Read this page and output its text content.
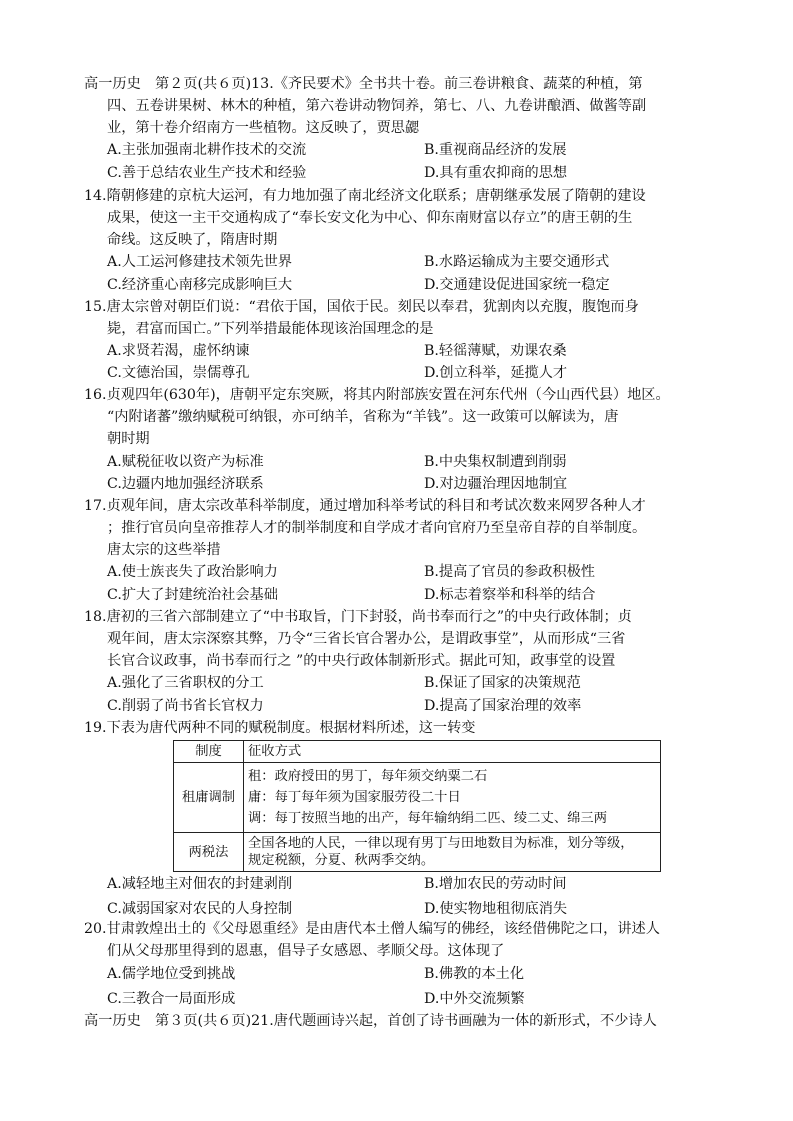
高一历史　第２页(共６页)13.《齐民要术》全书共十卷。前三卷讲粮食、蔬菜的种植，第
四、五卷讲果树、林木的种植，第六卷讲动物饲养，第七、八、九卷讲酿酒、做酱等副
业，第十卷介绍南方一些植物。这反映了，贾思勰
A.主张加强南北耕作技术的交流	B.重视商品经济的发展
C.善于总结农业生产技术和经验	D.具有重农抑商的思想
14.隋朝修建的京杭大运河，有力地加强了南北经济文化联系；唐朝继承发展了隋朝的建设
成果，使这一主干交通构成了“奉长安文化为中心、仰东南财富以存立”的唐王朝的生
命线。这反映了，隋唐时期
A.人工运河修建技术领先世界	B.水路运输成为主要交通形式
C.经济重心南移完成影响巨大	D.交通建设促进国家统一稳定
15.唐太宗曾对朝臣们说：“君依于国，国依于民。刻民以奉君，犹割肉以充腹，腹饱而身
毙，君富而国亡。”下列举措最能体现该治国理念的是
A.求贤若渴，虚怀纳谏	B.轻徭薄赋，劝课农桑
C.文德治国，崇儒尊孔	D.创立科举，延揽人才
16.贞观四年(630年)，唐朝平定东突厥，将其内附部族安置在河东代州（今山西代县）地区。
“内附诸蕃”缴纳赋税可纳银，亦可纳羊，省称为“羊钱”。这一政策可以解读为，唐
朝时期
A.赋税征收以资产为标准	B.中央集权制遭到削弱
C.边疆内地加强经济联系	D.对边疆治理因地制宜
17.贞观年间，唐太宗改革科举制度，通过增加科举考试的科目和考试次数来网罗各种人才
；推行官员向皇帝推荐人才的制举制度和自学成才者向官府乃至皇帝自荐的自举制度。
唐太宗的这些举措
A.使士族丧失了政治影响力	B.提高了官员的参政积极性
C.扩大了封建统治社会基础	D.标志着察举和科举的结合
18.唐初的三省六部制建立了“中书取旨，门下封驳，尚书奉而行之”的中央行政体制；贞
观年间，唐太宗深察其弊，乃令“三省长官合署办公，是谓政事堂”，从而形成“三省
长官合议政事，尚书奉而行之 ”的中央行政体制新形式。据此可知，政事堂的设置
A.强化了三省职权的分工	B.保证了国家的决策规范
C.削弱了尚书省长官权力	D.提高了国家治理的效率
19.下表为唐代两种不同的赋税制度。根据材料所述，这一转变
制度	征收方式
租庸调制	租：政府授田的男丁，每年须交纳粟二石
庸：每丁每年须为国家服劳役二十日
调：每丁按照当地的出产，每年输纳绢二匹、绫二丈、绵三两

两税法	全国各地的人民，一律以现有男丁与田地数目为标准，划分等级，
规定税额，分夏、秋两季交纳。
A.减轻地主对佃农的封建剥削	B.增加农民的劳动时间
C.减弱国家对农民的人身控制	D.使实物地租彻底消失
20.甘肃敦煌出土的《父母恩重经》是由唐代本土僧人编写的佛经，该经借佛陀之口，讲述人
们从父母那里得到的恩惠，倡导子女感恩、孝顺父母。这体现了
A.儒学地位受到挑战	B.佛教的本土化
C.三教合一局面形成	D.中外交流频繁
高一历史　第３页(共６页)21.唐代题画诗兴起，首创了诗书画融为一体的新形式，不少诗人
